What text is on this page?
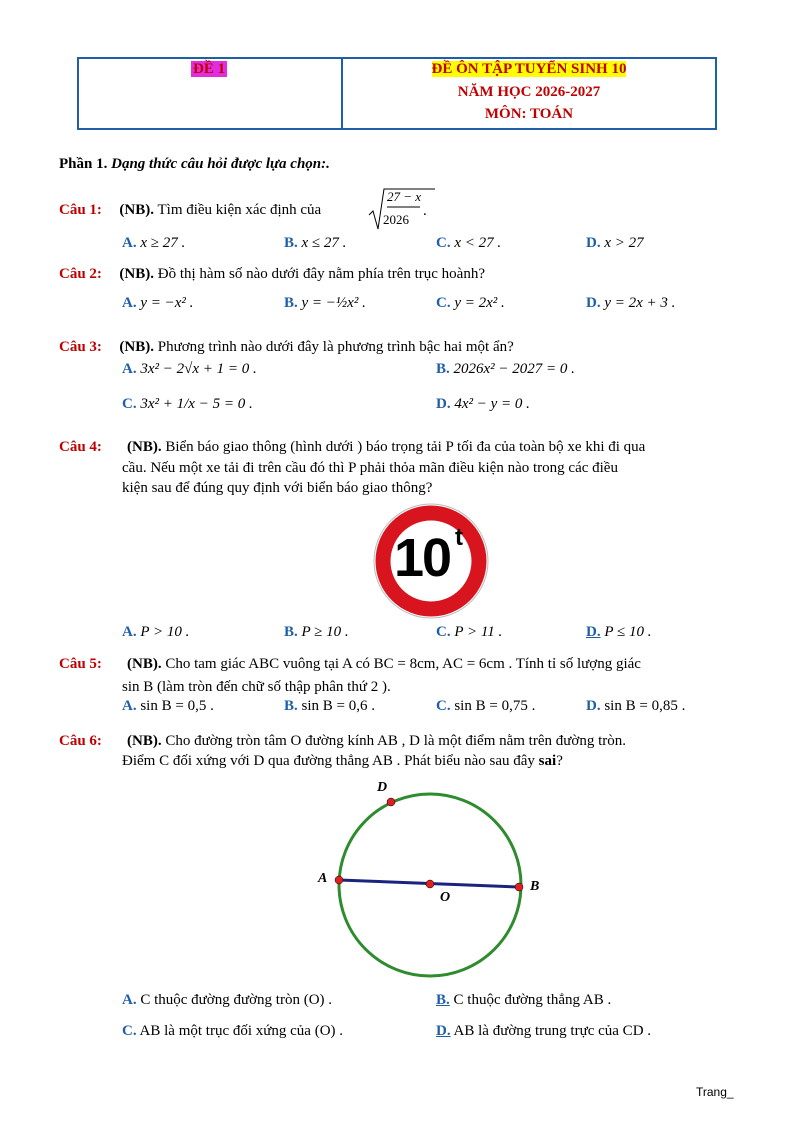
ĐỀ 1	ĐỀ ÔN TẬP TUYỂN SINH 10
NĂM HỌC 2026-2027
MÔN: TOÁN
Phần 1. Dạng thức câu hỏi được lựa chọn:.
Câu 1: (NB). Tìm điều kiện xác định của
27 − x
2026
.
A. x ≥ 27 .	B. x ≤ 27 .	C. x < 27 .	D. x > 27
Câu 2: (NB). Đồ thị hàm số nào dưới đây nằm phía trên trục hoành?
A. y = −x² .	B. y = −½x² .	C. y = 2x² .	D. y = 2x + 3 .
Câu 3: (NB). Phương trình nào dưới đây là phương trình bậc hai một ẩn?
A. 3x² − 2√x + 1 = 0 .	B. 2026x² − 2027 = 0 .
C. 3x² + 1/x − 5 = 0 .	D. 4x² − y = 0 .
Câu 4: (NB). Biển báo giao thông (hình dưới ) báo trọng tải P tối đa của toàn bộ xe khi đi qua
cầu. Nếu một xe tải đi trên cầu đó thì P phải thỏa mãn điều kiện nào trong các điều
kiện sau để đúng quy định với biển báo giao thông?
10 t
A. P > 10 .	B. P ≥ 10 .	C. P > 11 .	D. P ≤ 10 .
Câu 5: (NB). Cho tam giác ABC vuông tại A có BC = 8cm, AC = 6cm . Tính tỉ số lượng giác
sin B (làm tròn đến chữ số thập phân thứ 2 ).
A. sin B = 0,5 .	B. sin B = 0,6 .	C. sin B = 0,75 .	D. sin B = 0,85 .
Câu 6: (NB). Cho đường tròn tâm O đường kính AB , D là một điểm nằm trên đường tròn.
Điểm C đối xứng với D qua đường thẳng AB . Phát biểu nào sau đây sai?
D
A
B
O
A. C thuộc đường đường tròn (O) .	B. C thuộc đường thẳng AB .
C. AB là một trục đối xứng của (O) .	D. AB là đường trung trực của CD .
Trang_
